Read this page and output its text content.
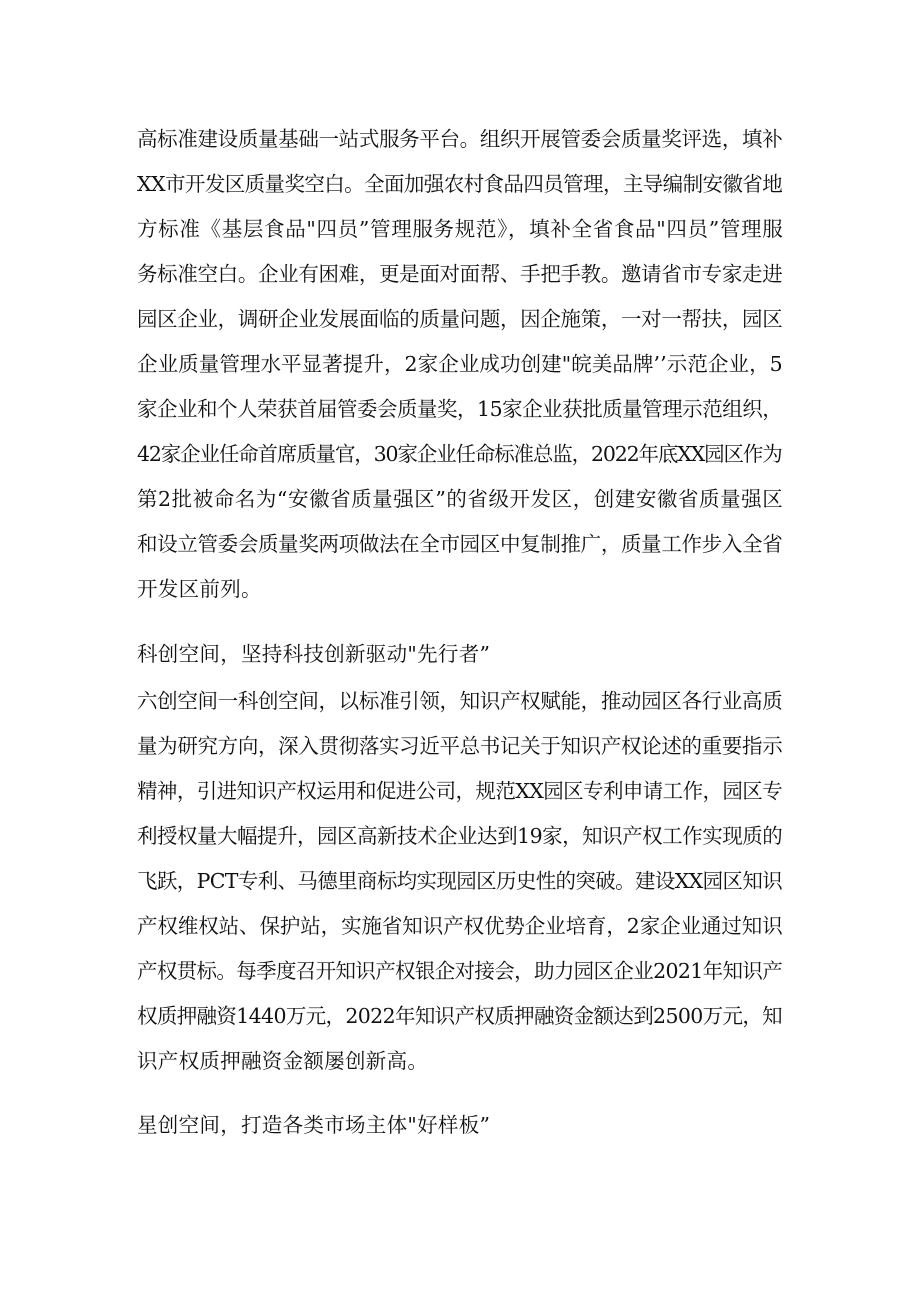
高标准建设质量基础一站式服务平台。组织开展管委会质量奖评选，填补
XX市开发区质量奖空白。全面加强农村食品四员管理，主导编制安徽省地
方标准《基层食品"四员”管理服务规范》，填补全省食品"四员”管理服
务标准空白。企业有困难，更是面对面帮、手把手教。邀请省市专家走进
园区企业，调研企业发展面临的质量问题，因企施策，一对一帮扶，园区
企业质量管理水平显著提升，2家企业成功创建"皖美品牌’’示范企业，5
家企业和个人荣获首届管委会质量奖，15家企业获批质量管理示范组织，
42家企业任命首席质量官，30家企业任命标准总监，2022年底XX园区作为
第2批被命名为“安徽省质量强区”的省级开发区，创建安徽省质量强区
和设立管委会质量奖两项做法在全市园区中复制推广，质量工作步入全省
开发区前列。
科创空间，坚持科技创新驱动"先行者”
六创空间一科创空间，以标准引领，知识产权赋能，推动园区各行业高质
量为研究方向，深入贯彻落实习近平总书记关于知识产权论述的重要指示
精神，引进知识产权运用和促进公司，规范XX园区专利申请工作，园区专
利授权量大幅提升，园区高新技术企业达到19家，知识产权工作实现质的
飞跃，PCT专利、马德里商标均实现园区历史性的突破。建设XX园区知识
产权维权站、保护站，实施省知识产权优势企业培育，2家企业通过知识
产权贯标。每季度召开知识产权银企对接会，助力园区企业2021年知识产
权质押融资1440万元，2022年知识产权质押融资金额达到2500万元，知
识产权质押融资金额屡创新高。
星创空间，打造各类市场主体"好样板”
